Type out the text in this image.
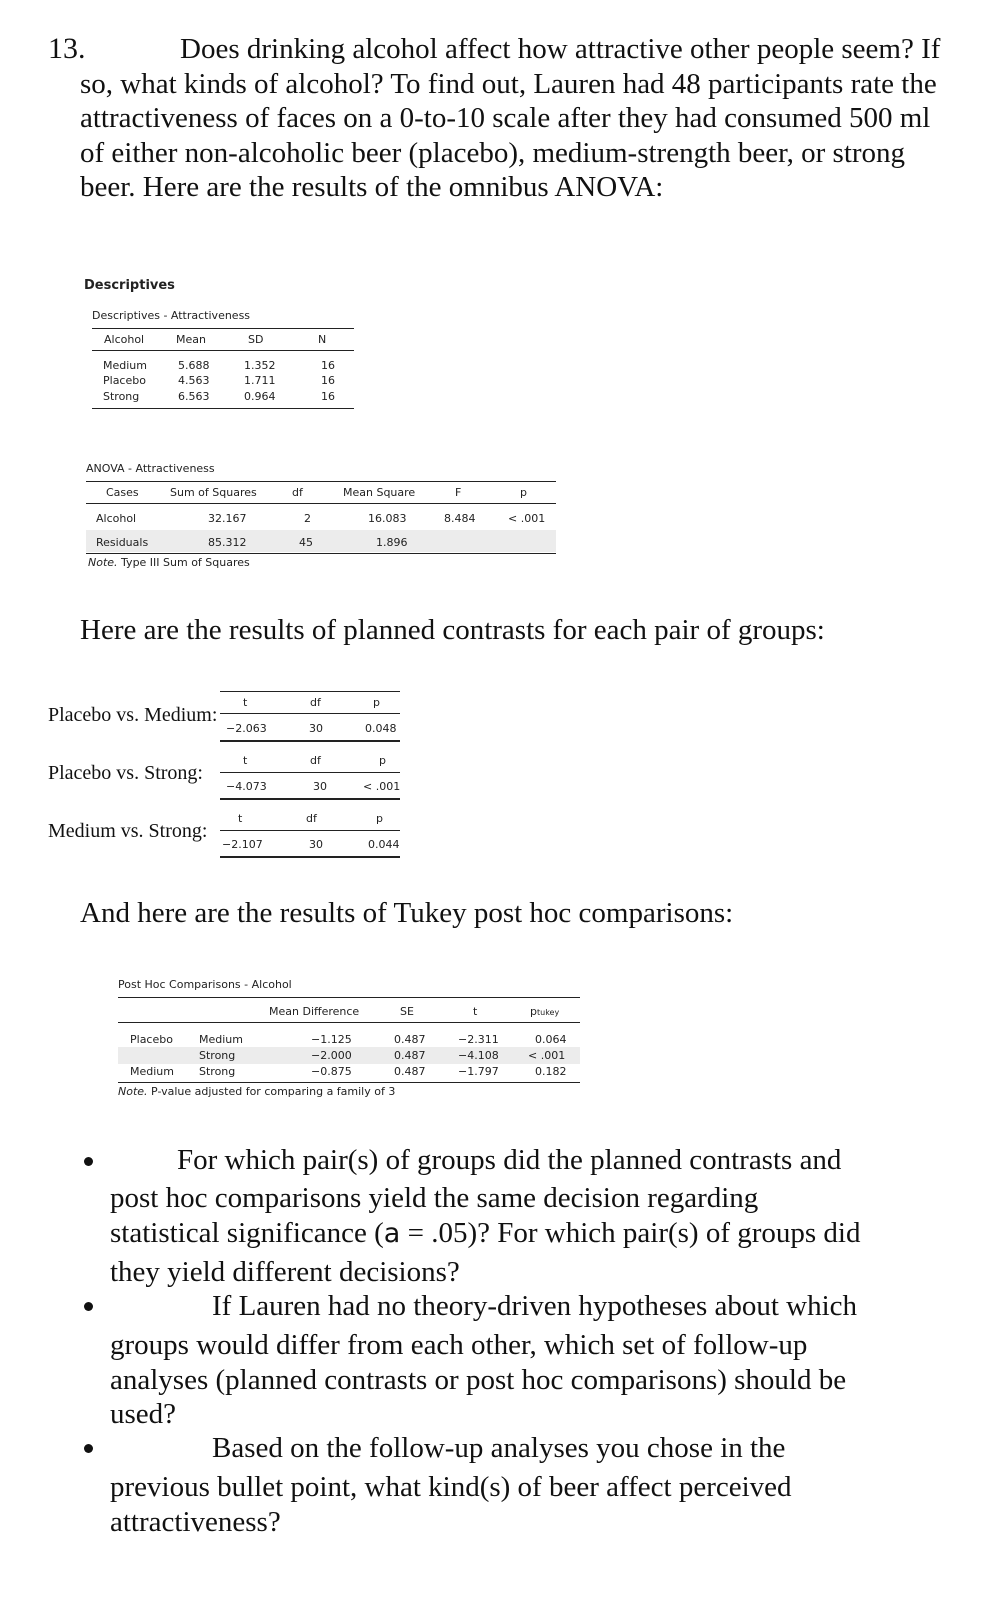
13.	Does drinking alcohol affect how attractive other people seem? If so, what kinds of alcohol? To find out, Lauren had 48 participants rate the attractiveness of faces on a 0-to-10 scale after they had consumed 500 ml of either non-alcoholic beer (placebo), medium-strength beer, or strong beer. Here are the results of the omnibus ANOVA:
Descriptives
Descriptives - Attractiveness
Alcohol	Mean	SD	N
Medium	5.688	1.352	16
Placebo	4.563	1.711	16
Strong	6.563	0.964	16
ANOVA - Attractiveness
Cases	Sum of Squares	df	Mean Square	F	p
Alcohol	32.167	2	16.083	8.484	< .001
Residuals	85.312	45	1.896
Note. Type III Sum of Squares
Here are the results of planned contrasts for each pair of groups:
Placebo vs. Medium:
t	df	p
−2.063	30	0.048
Placebo vs. Strong:
t	df	p
−4.073	30	< .001
Medium vs. Strong:
t	df	p
−2.107	30	0.044
And here are the results of Tukey post hoc comparisons:
Post Hoc Comparisons - Alcohol
Mean Difference	SE	t	ptukey
Placebo Medium	−1.125	0.487	−2.311	0.064
Strong	−2.000	0.487	−4.108	< .001
Medium Strong	−0.875	0.487	−1.797	0.182
Note. P-value adjusted for comparing a family of 3
For which pair(s) of groups did the planned contrasts and
post hoc comparisons yield the same decision regarding
statistical significance (a = .05)? For which pair(s) of groups did
they yield different decisions?
If Lauren had no theory-driven hypotheses about which
groups would differ from each other, which set of follow-up
analyses (planned contrasts or post hoc comparisons) should be
used?
Based on the follow-up analyses you chose in the
previous bullet point, what kind(s) of beer affect perceived
attractiveness?
